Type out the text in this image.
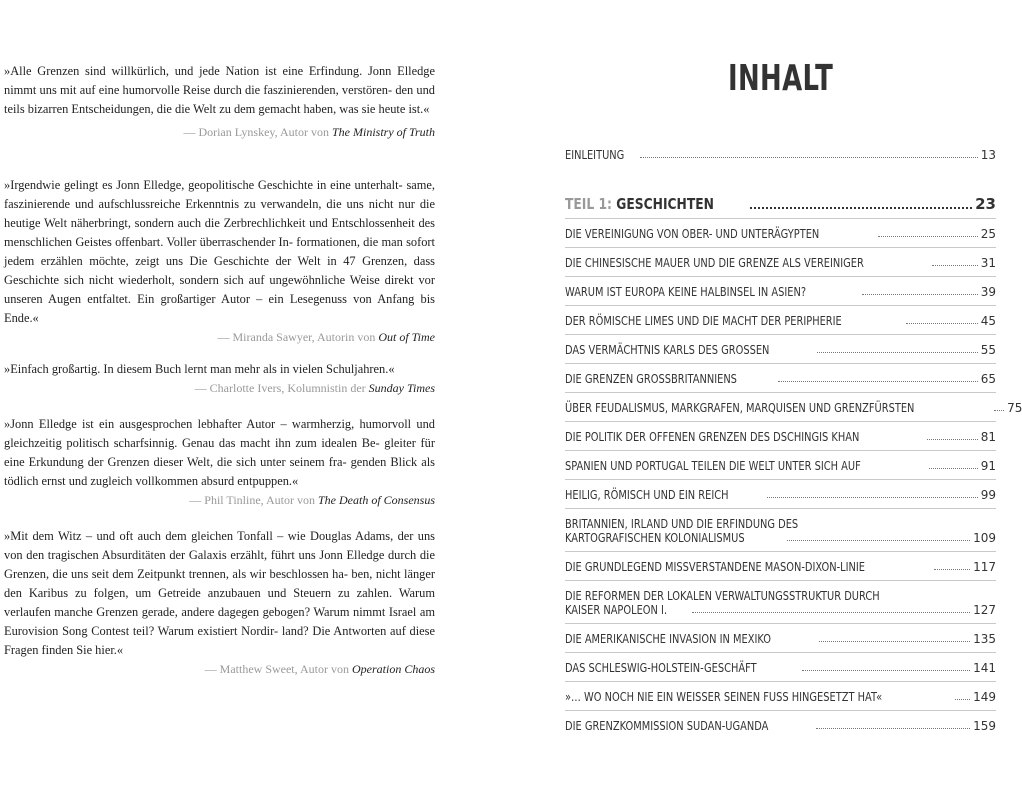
»Alle Grenzen sind willkürlich, und jede Nation ist eine Erfindung. Jonn Elledge nimmt uns mit auf eine humorvolle Reise durch die faszinierenden, verstören- den und teils bizarren Entscheidungen, die die Welt zu dem gemacht haben, was sie heute ist.«

— Dorian Lynskey, Autor von The Ministry of Truth

»Irgendwie gelingt es Jonn Elledge, geopolitische Geschichte in eine unterhalt- same, faszinierende und aufschlussreiche Erkenntnis zu verwandeln, die uns nicht nur die heutige Welt näherbringt, sondern auch die Zerbrechlichkeit und Entschlossenheit des menschlichen Geistes offenbart. Voller überraschender In- formationen, die man sofort jedem erzählen möchte, zeigt uns Die Geschichte der Welt in 47 Grenzen, dass Geschichte sich nicht wiederholt, sondern sich auf ungewöhnliche Weise direkt vor unseren Augen entfaltet. Ein großartiger Autor – ein Lesegenuss von Anfang bis Ende.«

— Miranda Sawyer, Autorin von Out of Time

»Einfach großartig. In diesem Buch lernt man mehr als in vielen Schuljahren.«

— Charlotte Ivers, Kolumnistin der Sunday Times

»Jonn Elledge ist ein ausgesprochen lebhafter Autor – warmherzig, humorvoll und gleichzeitig politisch scharfsinnig. Genau das macht ihn zum idealen Be- gleiter für eine Erkundung der Grenzen dieser Welt, die sich unter seinem fra- genden Blick als tödlich ernst und zugleich vollkommen absurd entpuppen.«

— Phil Tinline, Autor von The Death of Consensus

»Mit dem Witz – und oft auch dem gleichen Tonfall – wie Douglas Adams, der uns von den tragischen Absurditäten der Galaxis erzählt, führt uns Jonn Elledge durch die Grenzen, die uns seit dem Zeitpunkt trennen, als wir beschlossen ha- ben, nicht länger den Karibus zu folgen, um Getreide anzubauen und Steuern zu zahlen. Warum verlaufen manche Grenzen gerade, andere dagegen gebogen? Warum nimmt Israel am Eurovision Song Contest teil? Warum existiert Nordir- land? Die Antworten auf diese Fragen finden Sie hier.«

— Matthew Sweet, Autor von Operation Chaos
INHALT
EINLEITUNG	13
TEIL 1: GESCHICHTEN	23
DIE VEREINIGUNG VON OBER- UND UNTERÄGYPTEN	25
DIE CHINESISCHE MAUER UND DIE GRENZE ALS VEREINIGER	31
WARUM IST EUROPA KEINE HALBINSEL IN ASIEN?	39
DER RÖMISCHE LIMES UND DIE MACHT DER PERIPHERIE	45
DAS VERMÄCHTNIS KARLS DES GROSSEN	55
DIE GRENZEN GROSSBRITANNIENS	65
ÜBER FEUDALISMUS, MARKGRAFEN, MARQUISEN UND GRENZFÜRSTEN	75
DIE POLITIK DER OFFENEN GRENZEN DES DSCHINGIS KHAN	81
SPANIEN UND PORTUGAL TEILEN DIE WELT UNTER SICH AUF	91
HEILIG, RÖMISCH UND EIN REICH	99
BRITANNIEN, IRLAND UND DIE ERFINDUNG DES
KARTOGRAFISCHEN KOLONIALISMUS	109
DIE GRUNDLEGEND MISSVERSTANDENE MASON-DIXON-LINIE	117
DIE REFORMEN DER LOKALEN VERWALTUNGSSTRUKTUR DURCH
KAISER NAPOLEON I.	127
DIE AMERIKANISCHE INVASION IN MEXIKO	135
DAS SCHLESWIG-HOLSTEIN-GESCHÄFT	141
»… WO NOCH NIE EIN WEISSER SEINEN FUSS HINGESETZT HAT«	149
DIE GRENZKOMMISSION SUDAN-UGANDA	159
